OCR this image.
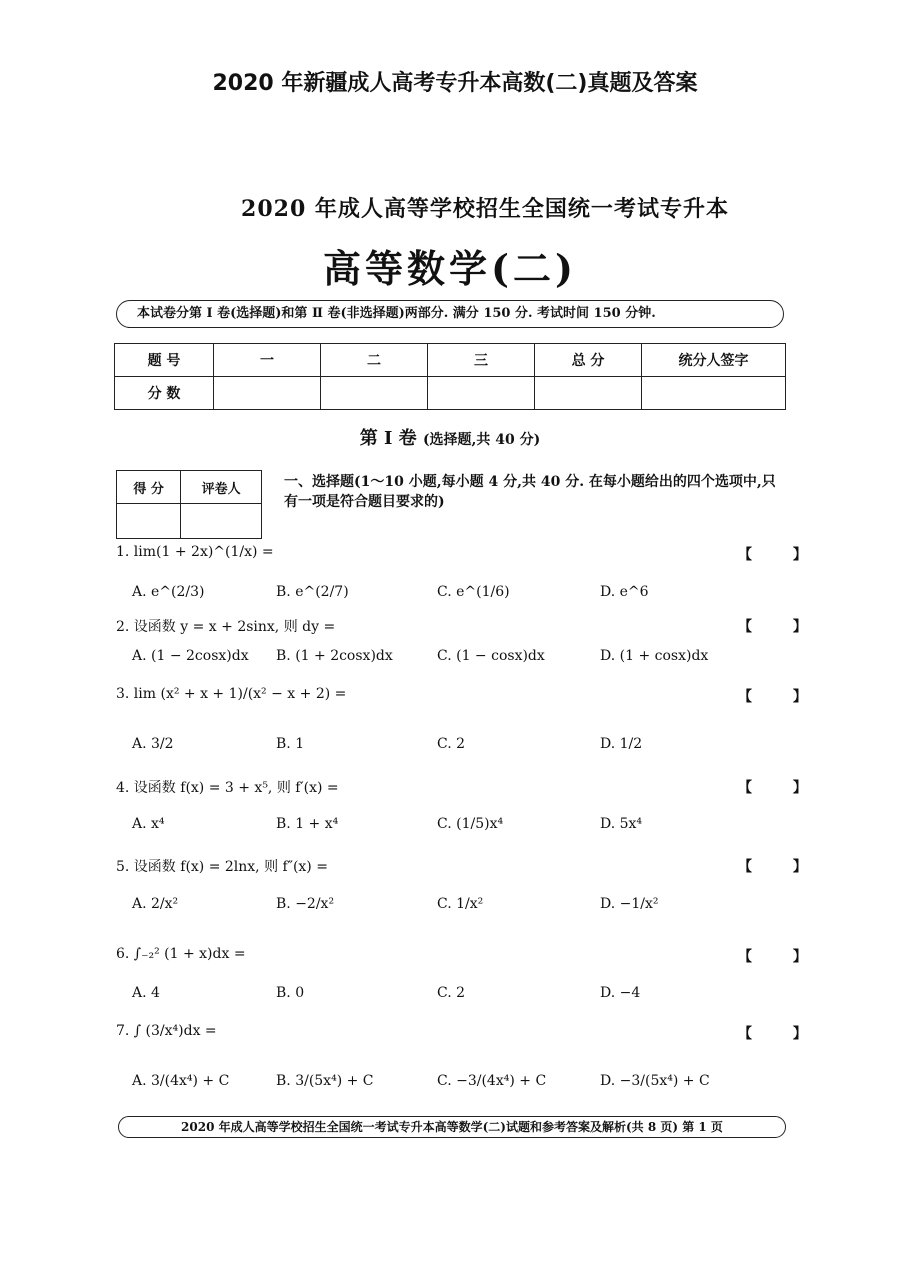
2020 年新疆成人高考专升本高数(二)真题及答案
2020 年成人高等学校招生全国统一考试专升本
高等数学(二)
本试卷分第 Ⅰ 卷(选择题)和第 Ⅱ 卷(非选择题)两部分. 满分 150 分. 考试时间 150 分钟.
题 号	一	二	三	总 分	统分人签字
分 数					
第 Ⅰ 卷 (选择题,共 40 分)
得 分	评卷人
		一、选择题(1～10 小题,每小题 4 分,共 40 分. 在每小题给出的四个选项中,只有一项是符合题目要求的)
1. lim(1 + 2x)^(1/x) =	【 】
A. e^(2/3)	B. e^(2/7)	C. e^(1/6)	D. e^6
2. 设函数 y = x + 2sinx, 则 dy =	【 】
A. (1 − 2cosx)dx B. (1 + 2cosx)dx	C. (1 − cosx)dx	D. (1 + cosx)dx
3. lim (x² + x + 1)/(x² − x + 2) =	【 】
A. 3/2	B. 1	C. 2	D. 1/2
4. 设函数 f(x) = 3 + x⁵, 则 f′(x) =	【 】
A. x⁴	B. 1 + x⁴	C. (1/5)x⁴	D. 5x⁴
5. 设函数 f(x) = 2lnx, 则 f″(x) =	【 】
A. 2/x²	B. −2/x²	C. 1/x²	D. −1/x²
6. ∫₋₂² (1 + x)dx =	【 】
A. 4	B. 0	C. 2	D. −4
7. ∫ (3/x⁴)dx =	【 】
A. 3/(4x⁴) + C	B. 3/(5x⁴) + C	C. −3/(4x⁴) + C	D. −3/(5x⁴) + C
2020 年成人高等学校招生全国统一考试专升本高等数学(二)试题和参考答案及解析(共 8 页) 第 1 页
